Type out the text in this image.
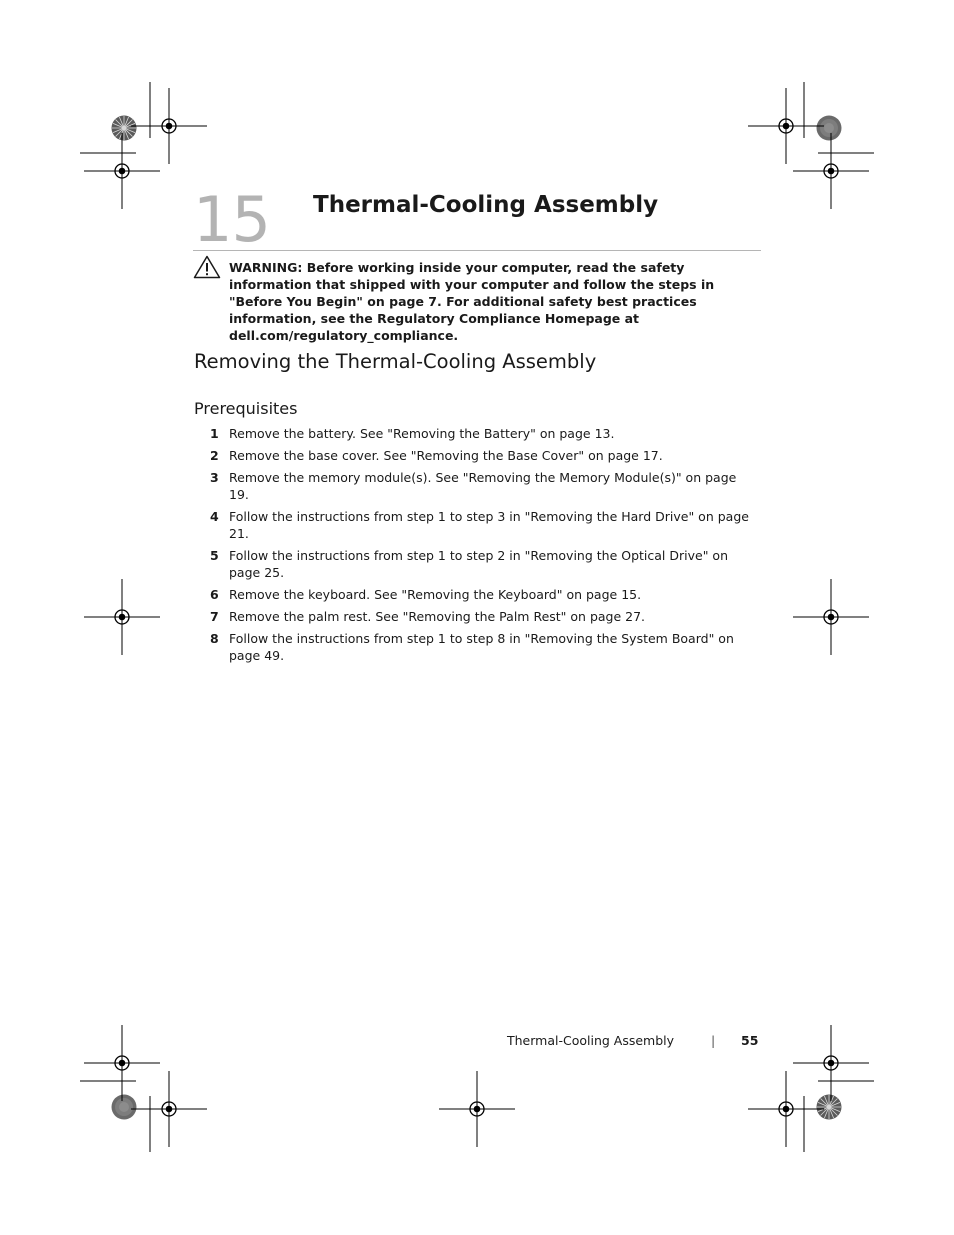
15 Thermal-Cooling Assembly

WARNING: Before working inside your computer, read the safety information that shipped with your computer and follow the steps in "Before You Begin" on page 7. For additional safety best practices information, see the Regulatory Compliance Homepage at dell.com/regulatory_compliance.

Removing the Thermal-Cooling Assembly
Prerequisites
1 Remove the battery. See "Removing the Battery" on page 13.
2 Remove the base cover. See "Removing the Base Cover" on page 17.
3 Remove the memory module(s). See "Removing the Memory Module(s)" on page 19.
4 Follow the instructions from step 1 to step 3 in "Removing the Hard Drive" on page 21.
5 Follow the instructions from step 1 to step 2 in "Removing the Optical Drive" on page 25.
6 Remove the keyboard. See "Removing the Keyboard" on page 15.
7 Remove the palm rest. See "Removing the Palm Rest" on page 27.
8 Follow the instructions from step 1 to step 8 in "Removing the System Board" on page 49.
Thermal-Cooling Assembly	| 55
